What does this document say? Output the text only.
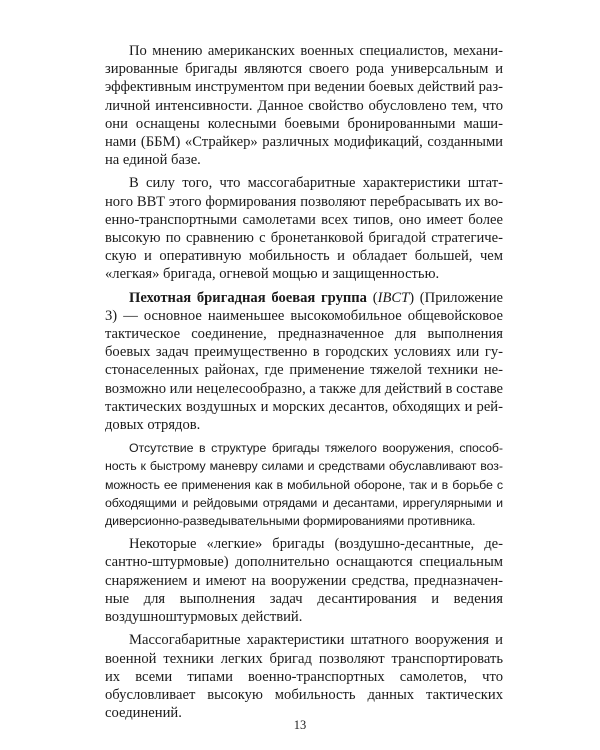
По мнению американских военных специалистов, механизированные бригады являются своего рода универсальным и эффективным инструментом при ведении боевых действий различной интенсивности. Данное свойство обусловлено тем, что они оснащены колесными боевыми бронированными машинами (ББМ) «Страйкер» различных модификаций, созданными на единой базе.

В силу того, что массогабаритные характеристики штатного ВВТ этого формирования позволяют перебрасывать их военно-транспортными самолетами всех типов, оно имеет более высокую по сравнению с бронетанковой бригадой стратегическую и оперативную мобильность и обладает большей, чем «легкая» бригада, огневой мощью и защищенностью.

Пехотная бригадная боевая группа (IBCT) (Приложение 3) — основное наименьшее высокомобильное общевойсковое тактическое соединение, предназначенное для выполнения боевых задач преимущественно в городских условиях или густонаселенных районах, где применение тяжелой техники невозможно или нецелесообразно, а также для действий в составе тактических воздушных и морских десантов, обходящих и рейдовых отрядов.

Отсутствие в структуре бригады тяжелого вооружения, способность к быстрому маневру силами и средствами обуславливают возможность ее применения как в мобильной обороне, так и в борьбе с обходящими и рейдовыми отрядами и десантами, иррегулярными и диверсионно-разведывательными формированиями противника.

Некоторые «легкие» бригады (воздушно-десантные, десантно-штурмовые) дополнительно оснащаются специальным снаряжением и имеют на вооружении средства, предназначенные для выполнения задач десантирования и ведения воздушноштурмовых действий.

Массогабаритные характеристики штатного вооружения и военной техники легких бригад позволяют транспортировать их всеми типами военно-транспортных самолетов, что обусловливает высокую мобильность данных тактических соединений.

13
